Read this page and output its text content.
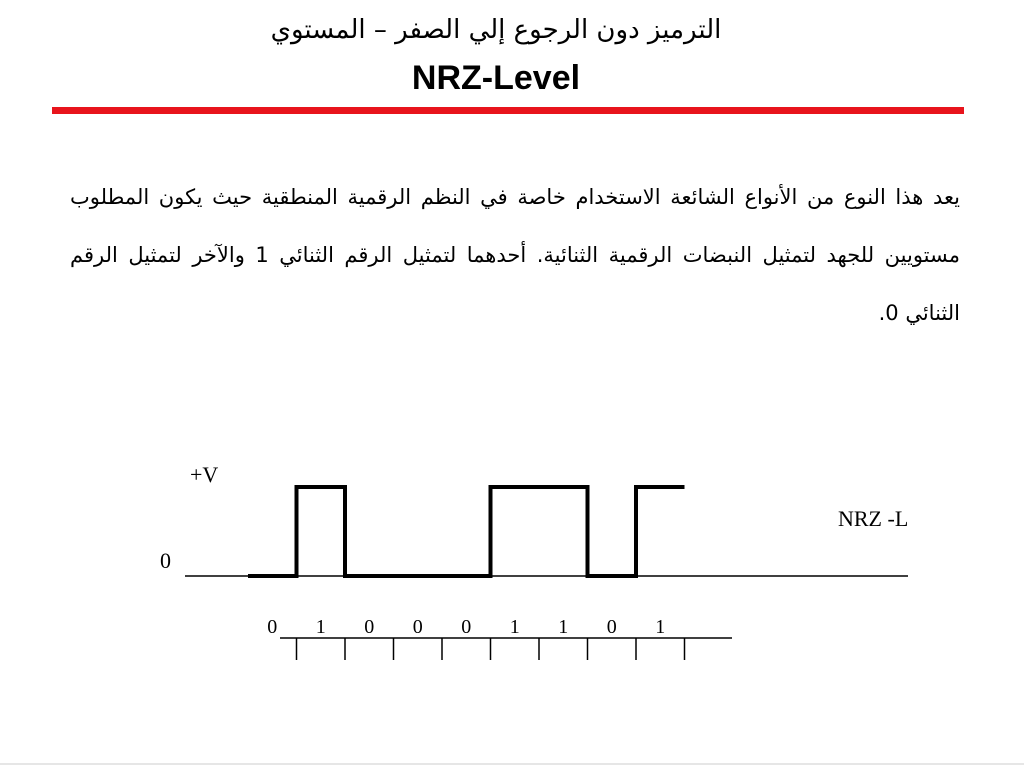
الترميز دون الرجوع إلي الصفر – المستوي
NRZ-Level
يعد هذا النوع من الأنواع الشائعة الاستخدام خاصة في النظم الرقمية المنطقية حيث يكون المطلوب مستويين للجهد لتمثيل النبضات الرقمية الثنائية. أحدهما لتمثيل الرقم الثنائي 1 والآخر لتمثيل الرقم الثنائي 0.
+V
0
NRZ -L
0 1 0 0 0 1 1 0 1
